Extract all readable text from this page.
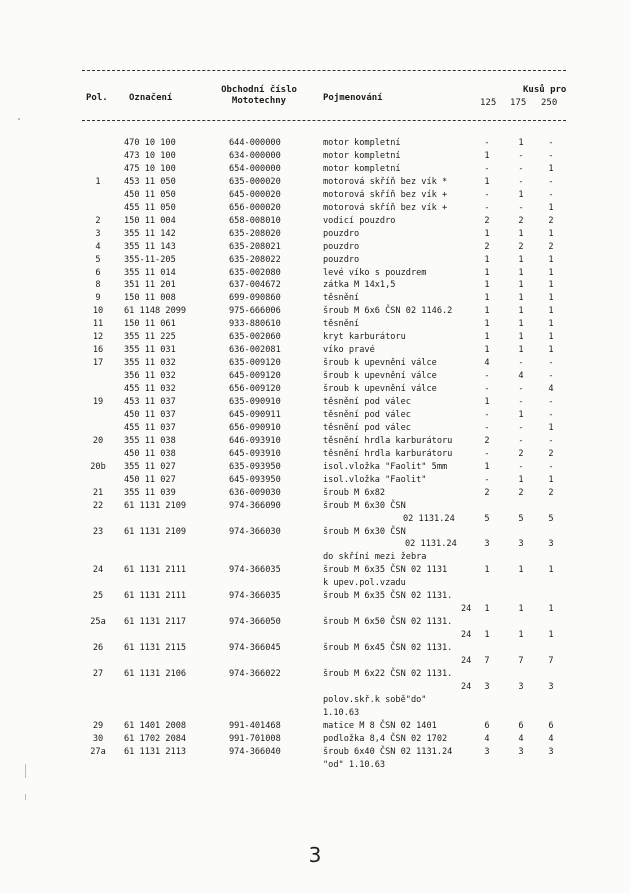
Pol. Označení
Obchodní číslo
Mototechny	Pojmenování
Kusů pro
125 175 250
470 10 100	644-000000	motor kompletní	-	1	-
473 10 100	634-000000	motor kompletní	1	-	-
475 10 100	654-000000	motor kompletní	-	-	1
1	453 11 050	635-000020	motorová skříň bez vík *	1	-	-
450 11 050	645-000020	motorová skříň bez vík +	-	1	-
455 11 050	656-000020	motorová skříň bez vík +	-	-	1
2	150 11 004	658-008010	vodicí pouzdro	2	2	2
3	355 11 142	635-208020	pouzdro	1	1	1
4	355 11 143	635-208021	pouzdro	2	2	2
5	355-11-205	635-208022	pouzdro	1	1	1
6	355 11 014	635-002080	levé víko s pouzdrem	1	1	1
8	351 11 201	637-004672	zátka M 14x1,5	1	1	1
9	150 11 008	699-090860	těsnění	1	1	1
10	61 1148 2099	975-666006	šroub M 6x6 ČSN 02 1146.2	1	1	1
11	150 11 061	933-880610	těsnění	1	1	1
12	355 11 225	635-002060	kryt karburátoru	1	1	1
16	355 11 031	636-002081	víko pravé	1	1	1
17	355 11 032	635-009120	šroub k upevnění válce	4	-	-
356 11 032	645-009120	šroub k upevnění válce	-	4	-
455 11 032	656-009120	šroub k upevnění válce	-	-	4
19	453 11 037	635-090910	těsnění pod válec	1	-	-
450 11 037	645-090911	těsnění pod válec	-	1	-
455 11 037	656-090910	těsnění pod válec	-	-	1
20	355 11 038	646-093910	těsnění hrdla karburátoru	2	-	-
450 11 038	645-093910	těsnění hrdla karburátoru	-	2	2
20b	355 11 027	635-093950	isol.vložka "Faolit" 5mm	1	-	-
450 11 027	645-093950	isol.vložka "Faolit"	-	1	1
21	355 11 039	636-009030	šroub M 6x82	2	2	2
22	61 1131 2109	974-366090	šroub M 6x30 ČSN
02 1131.24	5	5	5
23	61 1131 2109	974-366030	šroub M 6x30 ČSN
02 1131.24	3	3	3
do skříní mezi žebra
24	61 1131 2111	974-366035	šroub M 6x35 ČSN 02 1131	1	1	1
k upev.pol.vzadu
25	61 1131 2111	974-366035	šroub M 6x35 ČSN 02 1131.
24	1	1	1
25a	61 1131 2117	974-366050	šroub M 6x50 ČSN 02 1131.
24	1	1	1
26	61 1131 2115	974-366045	šroub M 6x45 ČSN 02 1131.
24	7	7	7
27	61 1131 2106	974-366022	šroub M 6x22 ČSN 02 1131.
24	3	3	3
polov.skř.k sobě"do"
1.10.63
29	61 1401 2008	991-401468	matice M 8 ČSN 02 1401	6	6	6
30	61 1702 2084	991-701008	podložka 8,4 ČSN 02 1702	4	4	4
27a	61 1131 2113	974-366040	šroub 6x40 ČSN 02 1131.24	3	3	3
"od" 1.10.63
3
